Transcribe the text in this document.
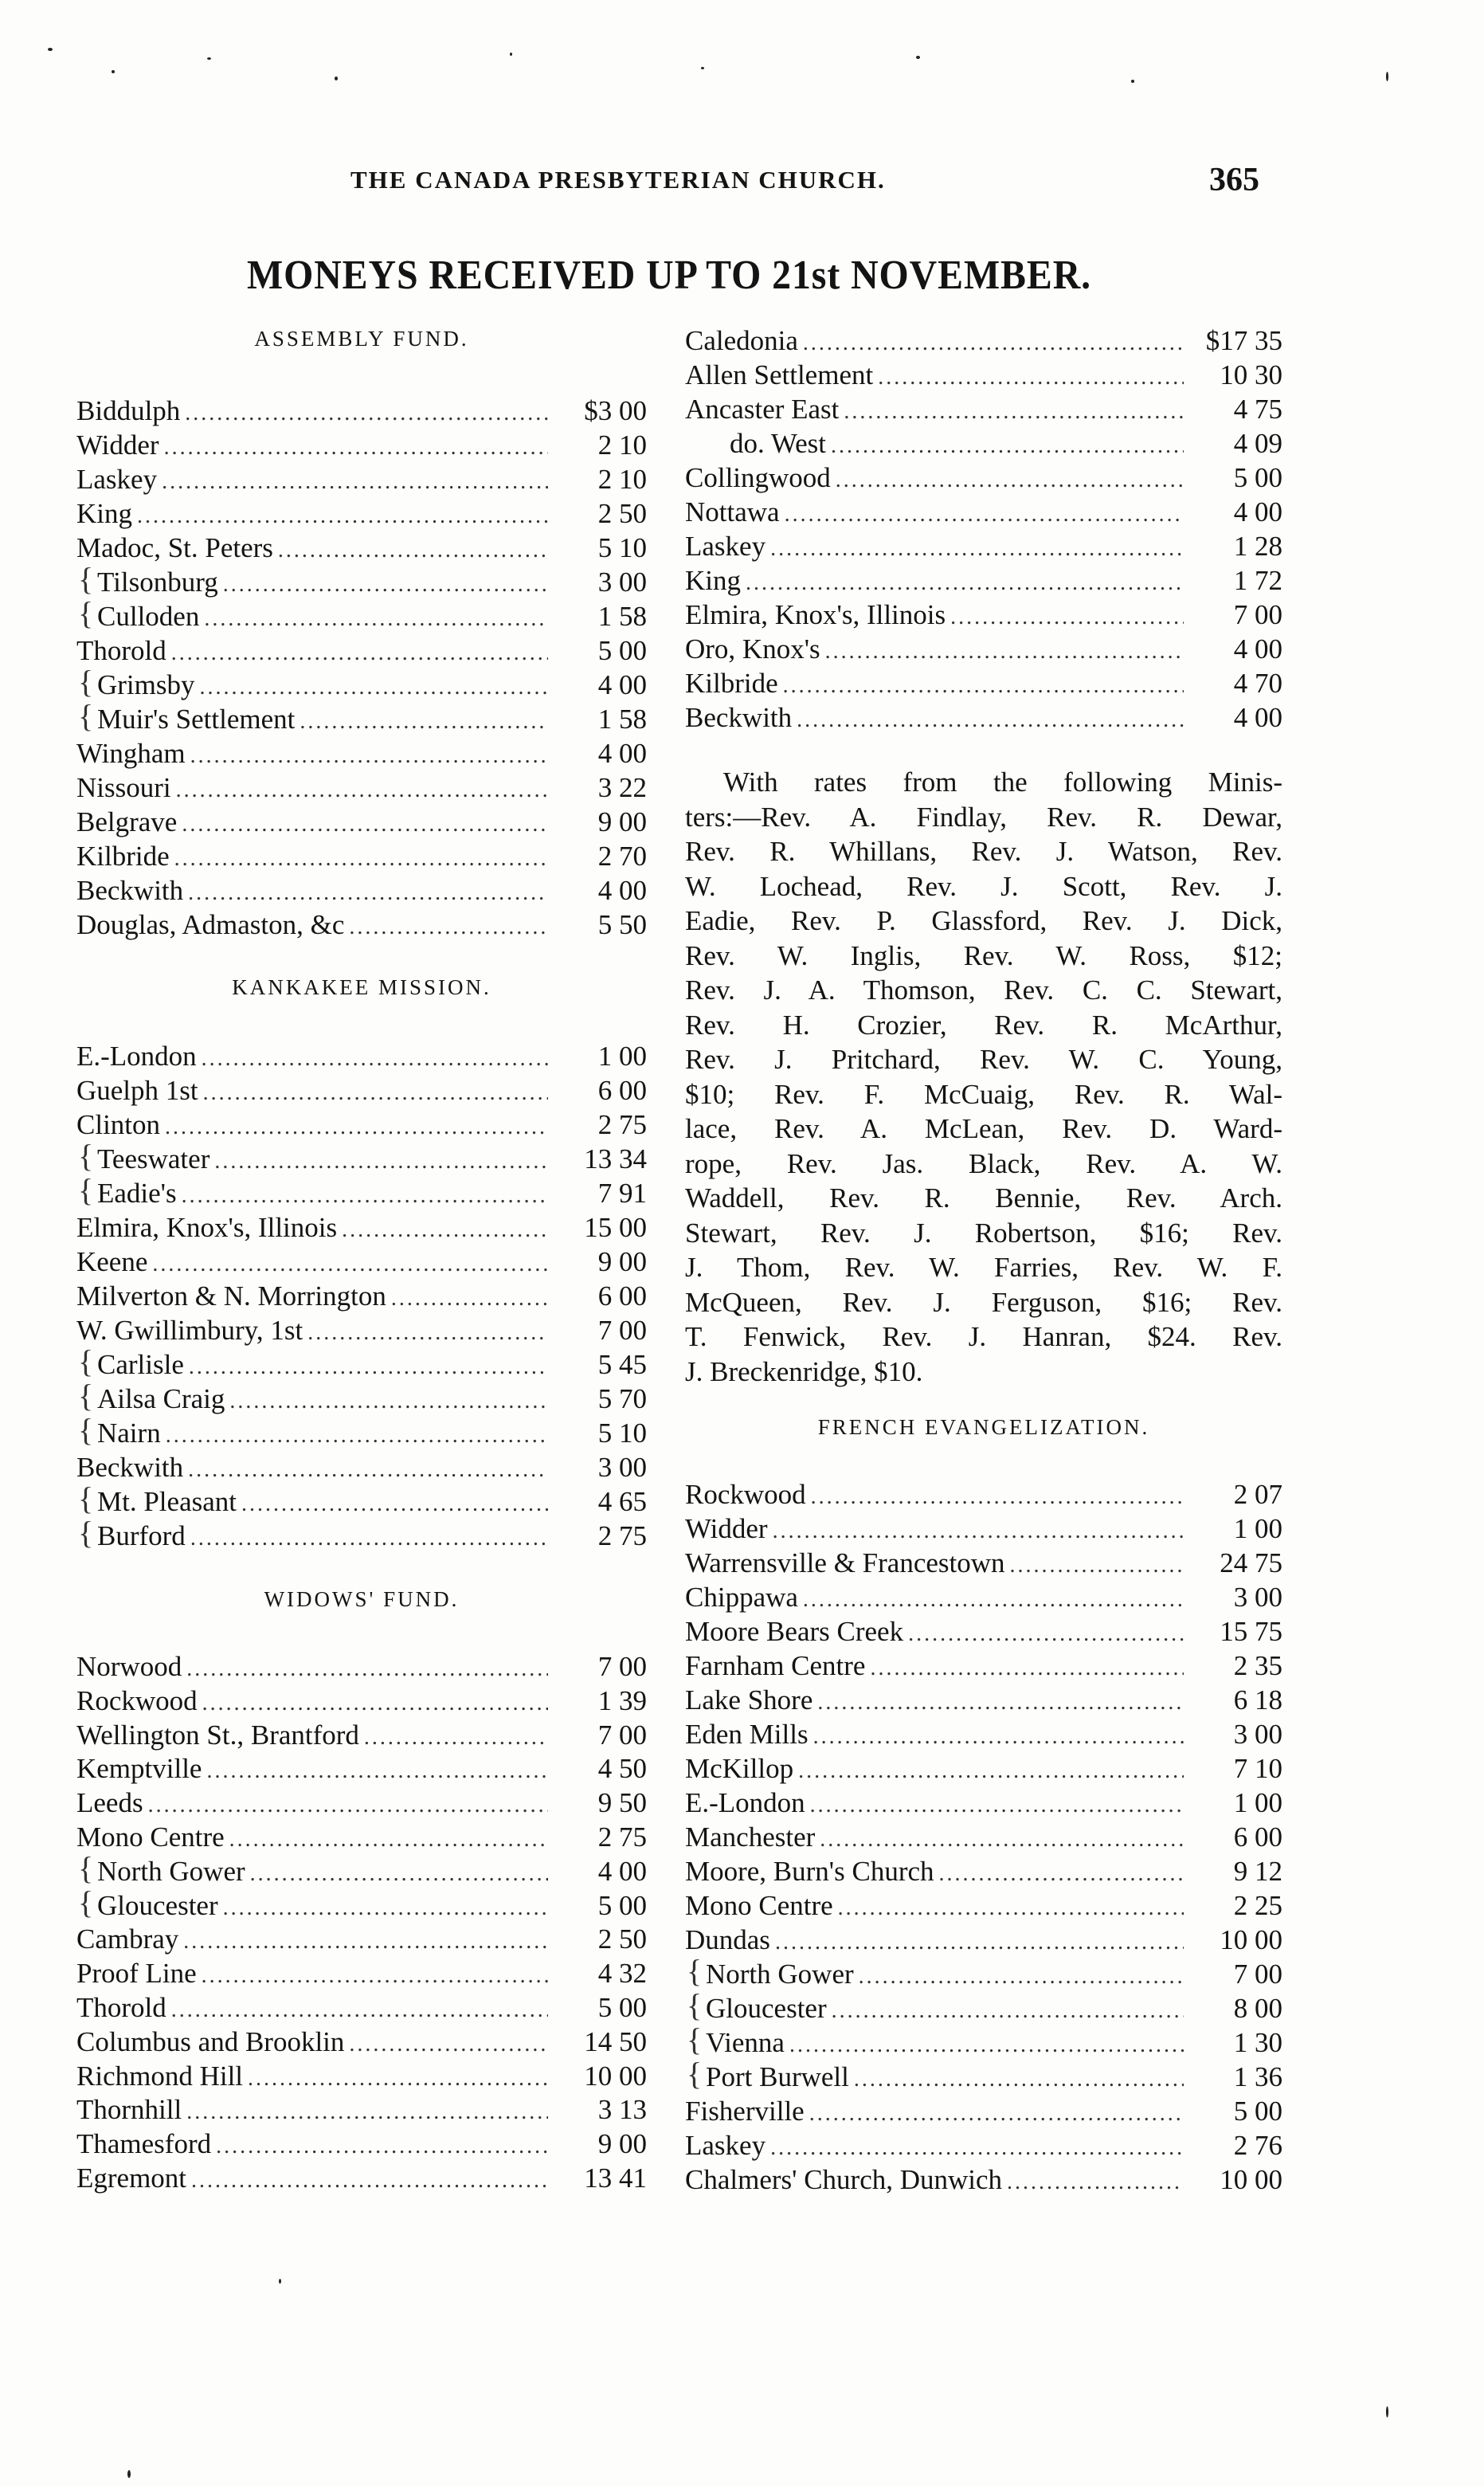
THE CANADA PRESBYTERIAN CHURCH.	365
MONEYS RECEIVED UP TO 21st NOVEMBER.
ASSEMBLY FUND.
Biddulph .....	$3 00
Widder .....	2 10
Laskey .....	2 10
King .....	2 50
Madoc, St. Peters .....	5 10
{ Tilsonburg .....	3 00
{ Culloden .....	1 58
Thorold .....	5 00
{ Grimsby .....	4 00
{ Muir's Settlement .....	1 58
Wingham .....	4 00
Nissouri .....	3 22
Belgrave .....	9 00
Kilbride .....	2 70
Beckwith .....	4 00
Douglas, Admaston, &c .....	5 50
KANKAKEE MISSION.
E.-London .....	1 00
Guelph 1st .....	6 00
Clinton .....	2 75
{ Teeswater .....	13 34
{ Eadie's .....	7 91
Elmira, Knox's, Illinois .....	15 00
Keene .....	9 00
Milverton & N. Morrington .....	6 00
W. Gwillimbury, 1st .....	7 00
{ Carlisle .....	5 45
{ Ailsa Craig .....	5 70
{ Nairn .....	5 10
Beckwith .....	3 00
{ Mt. Pleasant .....	4 65
{ Burford .....	2 75
WIDOWS' FUND.
Norwood .....	7 00
Rockwood .....	1 39
Wellington St., Brantford .....	7 00
Kemptville .....	4 50
Leeds .....	9 50
Mono Centre .....	2 75
{ North Gower .....	4 00
{ Gloucester .....	5 00
Cambray .....	2 50
Proof Line .....	4 32
Thorold .....	5 00
Columbus and Brooklin .....	14 50
Richmond Hill .....	10 00
Thornhill .....	3 13
Thamesford .....	9 00
Egremont .....	13 41
Caledonia .....	$17 35
Allen Settlement .....	10 30
Ancaster East .....	4 75
do. West .....	4 09
Collingwood .....	5 00
Nottawa .....	4 00
Laskey .....	1 28
King .....	1 72
Elmira, Knox's, Illinois .....	7 00
Oro, Knox's .....	4 00
Kilbride .....	4 70
Beckwith .....	4 00
With rates from the following Minis-
ters:—Rev. A. Findlay, Rev. R. Dewar,
Rev. R. Whillans, Rev. J. Watson, Rev.
W. Lochead, Rev. J. Scott, Rev. J.
Eadie, Rev. P. Glassford, Rev. J. Dick,
Rev. W. Inglis, Rev. W. Ross, $12;
Rev. J. A. Thomson, Rev. C. C. Stewart,
Rev. H. Crozier, Rev. R. McArthur,
Rev. J. Pritchard, Rev. W. C. Young,
$10; Rev. F. McCuaig, Rev. R. Wal-
lace, Rev. A. McLean, Rev. D. Ward-
rope, Rev. Jas. Black, Rev. A. W.
Waddell, Rev. R. Bennie, Rev. Arch.
Stewart, Rev. J. Robertson, $16; Rev.
J. Thom, Rev. W. Farries, Rev. W. F.
McQueen, Rev. J. Ferguson, $16; Rev.
T. Fenwick, Rev. J. Hanran, $24. Rev.
J. Breckenridge, $10.
FRENCH EVANGELIZATION.
Rockwood .....	2 07
Widder .....	1 00
Warrensville & Francestown .....	24 75
Chippawa .....	3 00
Moore Bears Creek .....	15 75
Farnham Centre .....	2 35
Lake Shore .....	6 18
Eden Mills .....	3 00
McKillop .....	7 10
E.-London .....	1 00
Manchester .....	6 00
Moore, Burn's Church .....	9 12
Mono Centre .....	2 25
Dundas .....	10 00
{ North Gower .....	7 00
{ Gloucester .....	8 00
{ Vienna .....	1 30
{ Port Burwell .....	1 36
Fisherville .....	5 00
Laskey .....	2 76
Chalmers' Church, Dunwich .....	10 00
